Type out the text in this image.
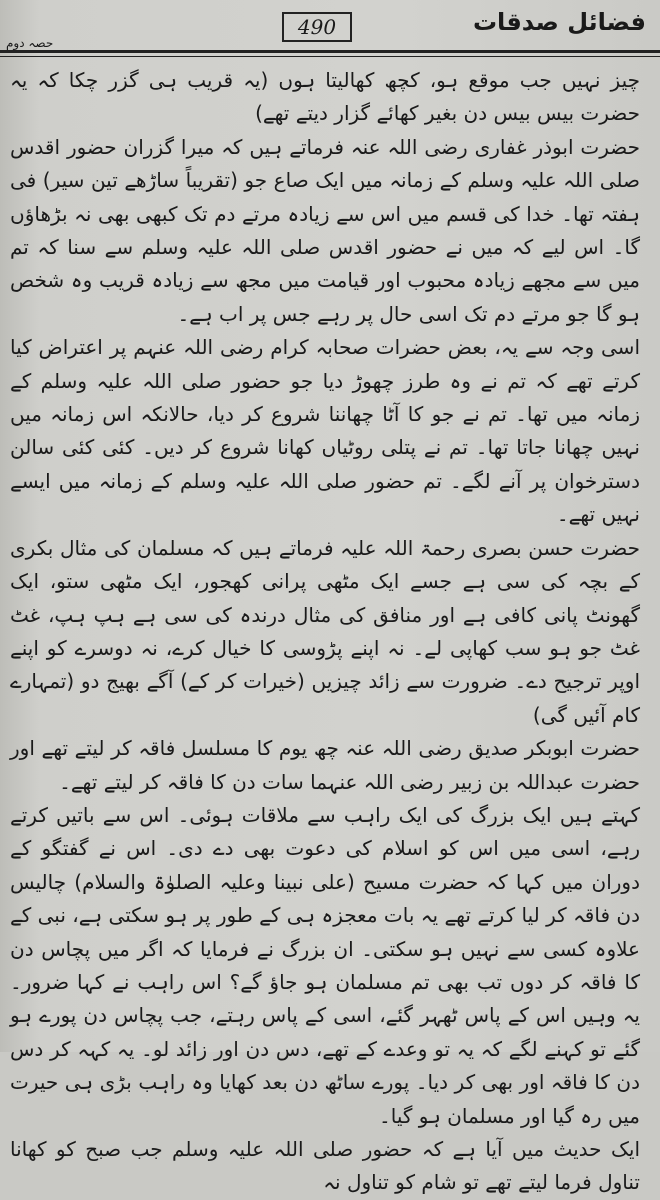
فضائل صدقات
490
حصہ دوم

چیز نہیں جب موقع ہو، کچھ کھالیتا ہوں (یہ قریب ہی گزر چکا کہ یہ حضرت بیس بیس دن بغیر کھائے گزار دیتے تھے)

حضرت ابوذر غفاری رضی اللہ عنہ فرماتے ہیں کہ میرا گزران حضور اقدس صلی اللہ علیہ وسلم کے زمانہ میں ایک صاع جو (تقریباً ساڑھے تین سیر) فی ہفتہ تھا۔ خدا کی قسم میں اس سے زیادہ مرتے دم تک کبھی بھی نہ بڑھاؤں گا۔ اس لیے کہ میں نے حضور اقدس صلی اللہ علیہ وسلم سے سنا کہ تم میں سے مجھے زیادہ محبوب اور قیامت میں مجھ سے زیادہ قریب وہ شخص ہو گا جو مرتے دم تک اسی حال پر رہے جس پر اب ہے۔

اسی وجہ سے یہ، بعض حضرات صحابہ کرام رضی اللہ عنہم پر اعتراض کیا کرتے تھے کہ تم نے وہ طرز چھوڑ دیا جو حضور صلی اللہ علیہ وسلم کے زمانہ میں تھا۔ تم نے جو کا آٹا چھاننا شروع کر دیا، حالانکہ اس زمانہ میں نہیں چھانا جاتا تھا۔ تم نے پتلی روٹیاں کھانا شروع کر دیں۔ کئی کئی سالن دسترخوان پر آنے لگے۔ تم حضور صلی اللہ علیہ وسلم کے زمانہ میں ایسے نہیں تھے۔

حضرت حسن بصری رحمۃ اللہ علیہ فرماتے ہیں کہ مسلمان کی مثال بکری کے بچہ کی سی ہے جسے ایک مٹھی پرانی کھجور، ایک مٹھی ستو، ایک گھونٹ پانی کافی ہے اور منافق کی مثال درندہ کی سی ہے ہپ ہپ، غٹ غٹ جو ہو سب کھاپی لے۔ نہ اپنے پڑوسی کا خیال کرے، نہ دوسرے کو اپنے اوپر ترجیح دے۔ ضرورت سے زائد چیزیں (خیرات کر کے) آگے بھیج دو (تمہارے کام آئیں گی)

حضرت ابوبکر صدیق رضی اللہ عنہ چھ یوم کا مسلسل فاقہ کر لیتے تھے اور حضرت عبداللہ بن زبیر رضی اللہ عنہما سات دن کا فاقہ کر لیتے تھے۔

کہتے ہیں ایک بزرگ کی ایک راہب سے ملاقات ہوئی۔ اس سے باتیں کرتے رہے، اسی میں اس کو اسلام کی دعوت بھی دے دی۔ اس نے گفتگو کے دوران میں کہا کہ حضرت مسیح (علی نبینا وعلیہ الصلوٰۃ والسلام) چالیس دن فاقہ کر لیا کرتے تھے یہ بات معجزہ ہی کے طور پر ہو سکتی ہے، نبی کے علاوہ کسی سے نہیں ہو سکتی۔ ان بزرگ نے فرمایا کہ اگر میں پچاس دن کا فاقہ کر دوں تب بھی تم مسلمان ہو جاؤ گے؟ اس راہب نے کہا ضرور۔ یہ وہیں اس کے پاس ٹھہر گئے، اسی کے پاس رہتے، جب پچاس دن پورے ہو گئے تو کہنے لگے کہ یہ تو وعدے کے تھے، دس دن اور زائد لو۔ یہ کہہ کر دس دن کا فاقہ اور بھی کر دیا۔ پورے ساٹھ دن بعد کھایا وہ راہب بڑی ہی حیرت میں رہ گیا اور مسلمان ہو گیا۔

ایک حدیث میں آیا ہے کہ حضور صلی اللہ علیہ وسلم جب صبح کو کھانا تناول فرما لیتے تھے تو شام کو تناول نہ
